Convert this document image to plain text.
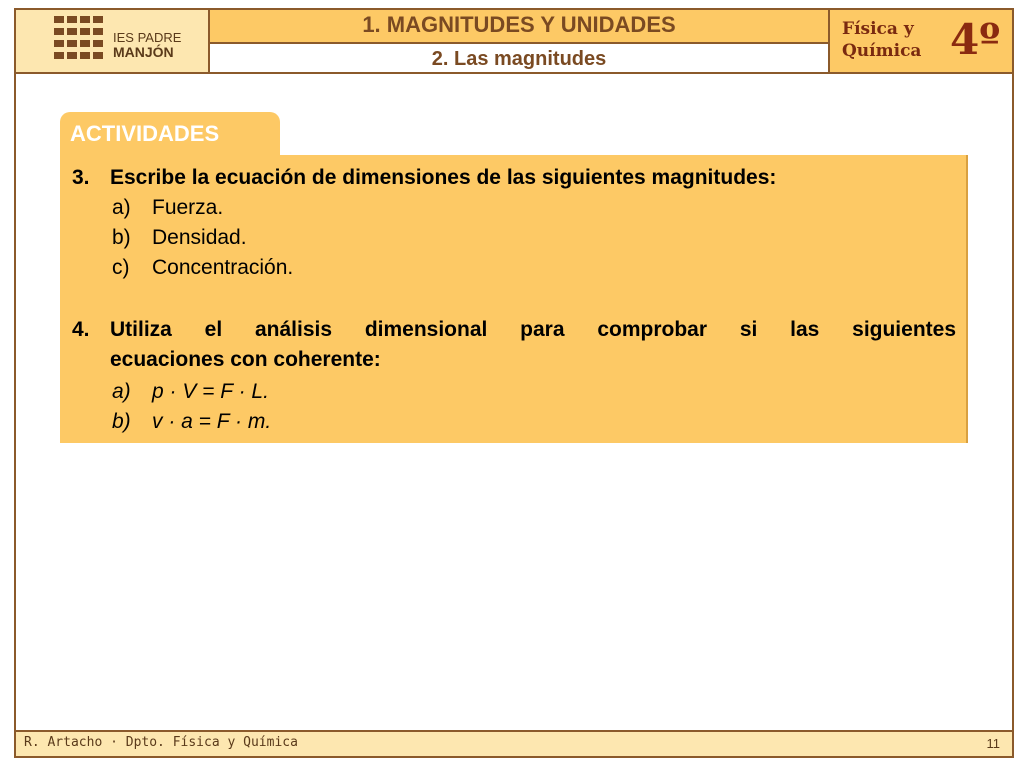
IES PADRE
MANJÓN
1. MAGNITUDES Y UNIDADES
2. Las magnitudes
Física y
Química 4º
ACTIVIDADES
3. Escribe la ecuación de dimensiones de las siguientes magnitudes:
a) Fuerza.
b) Densidad.
c) Concentración.
4. Utiliza el análisis dimensional para comprobar si las siguientes
ecuaciones con coherente:
a) p · V = F · L.
b) v · a = F · m.
R. Artacho · Dpto. Física y Química	11
